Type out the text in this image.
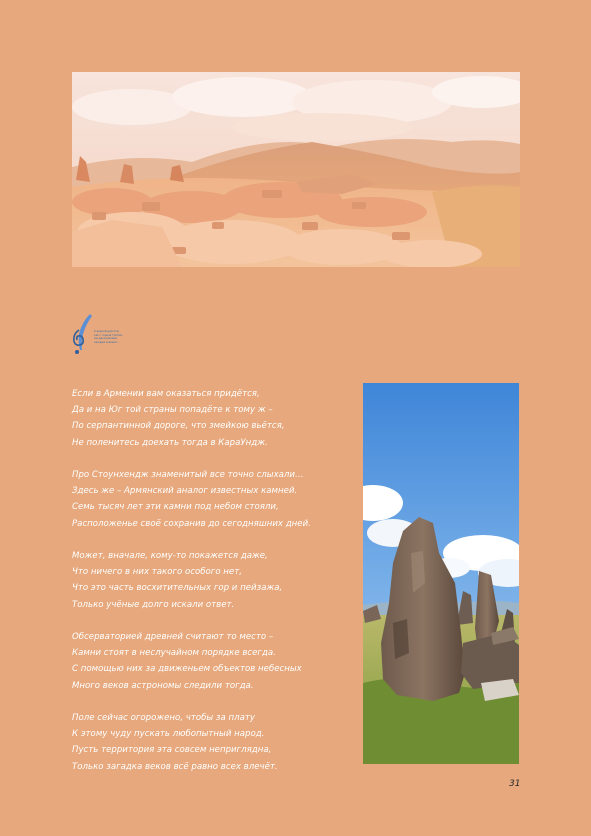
С верной дорогой,
как с горной тропой,
мы вдохновляем
каждый элемент...
Если в Армении вам оказаться придётся,
Да и на Юг той страны попадёте к тому ж –
По серпантинной дороге, что змейкою вьётся,
Не поленитесь доехать тогда в КараУндж.
Про Стоунхендж знаменитый все точно слыхали…
Здесь же – Армянский аналог известных камней.
Семь тысяч лет эти камни под небом стояли,
Расположенье своё сохранив до сегодняшних дней.
Может, вначале, кому-то покажется даже,
Что ничего в них такого особого нет,
Что это часть восхитительных гор и пейзажа,
Только учёные долго искали ответ.
Обсерваторией древней считают то место –
Камни стоят в неслучайном порядке всегда.
С помощью них за движеньем объектов небесных
Много веков астрономы следили тогда.
Поле сейчас огорожено, чтобы за плату
К этому чуду пускать любопытный народ.
Пусть территория эта совсем неприглядна,
Только загадка веков всё равно всех влечёт.
31
